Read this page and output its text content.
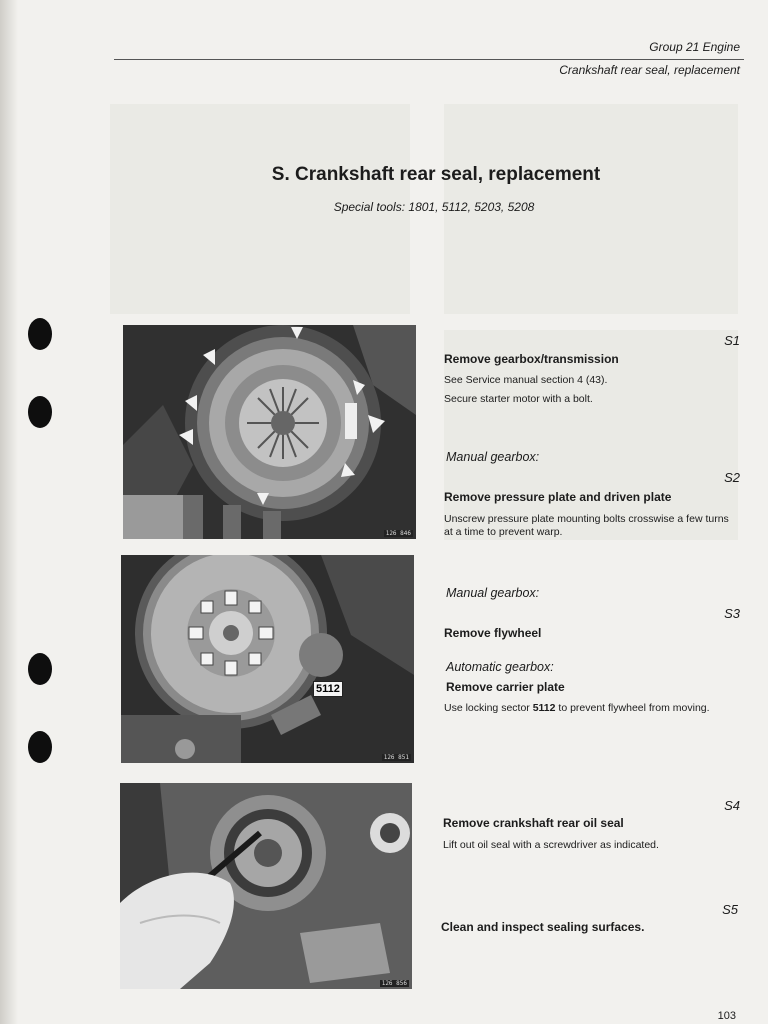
Group 21 Engine
Crankshaft rear seal, replacement
S. Crankshaft rear seal, replacement
Special tools: 1801, 5112, 5203, 5208
126 846
5112
126 851
126 856
S1
Remove gearbox/transmission
See Service manual section 4 (43).
Secure starter motor with a bolt.
Manual gearbox:
S2
Remove pressure plate and driven plate
Unscrew pressure plate mounting bolts crosswise a few turns at a time to prevent warp.
Manual gearbox:
S3
Remove flywheel
Automatic gearbox:
Remove carrier plate
Use locking sector 5112 to prevent flywheel from moving.
S4
Remove crankshaft rear oil seal
Lift out oil seal with a screwdriver as indicated.
S5
Clean and inspect sealing surfaces.
103
